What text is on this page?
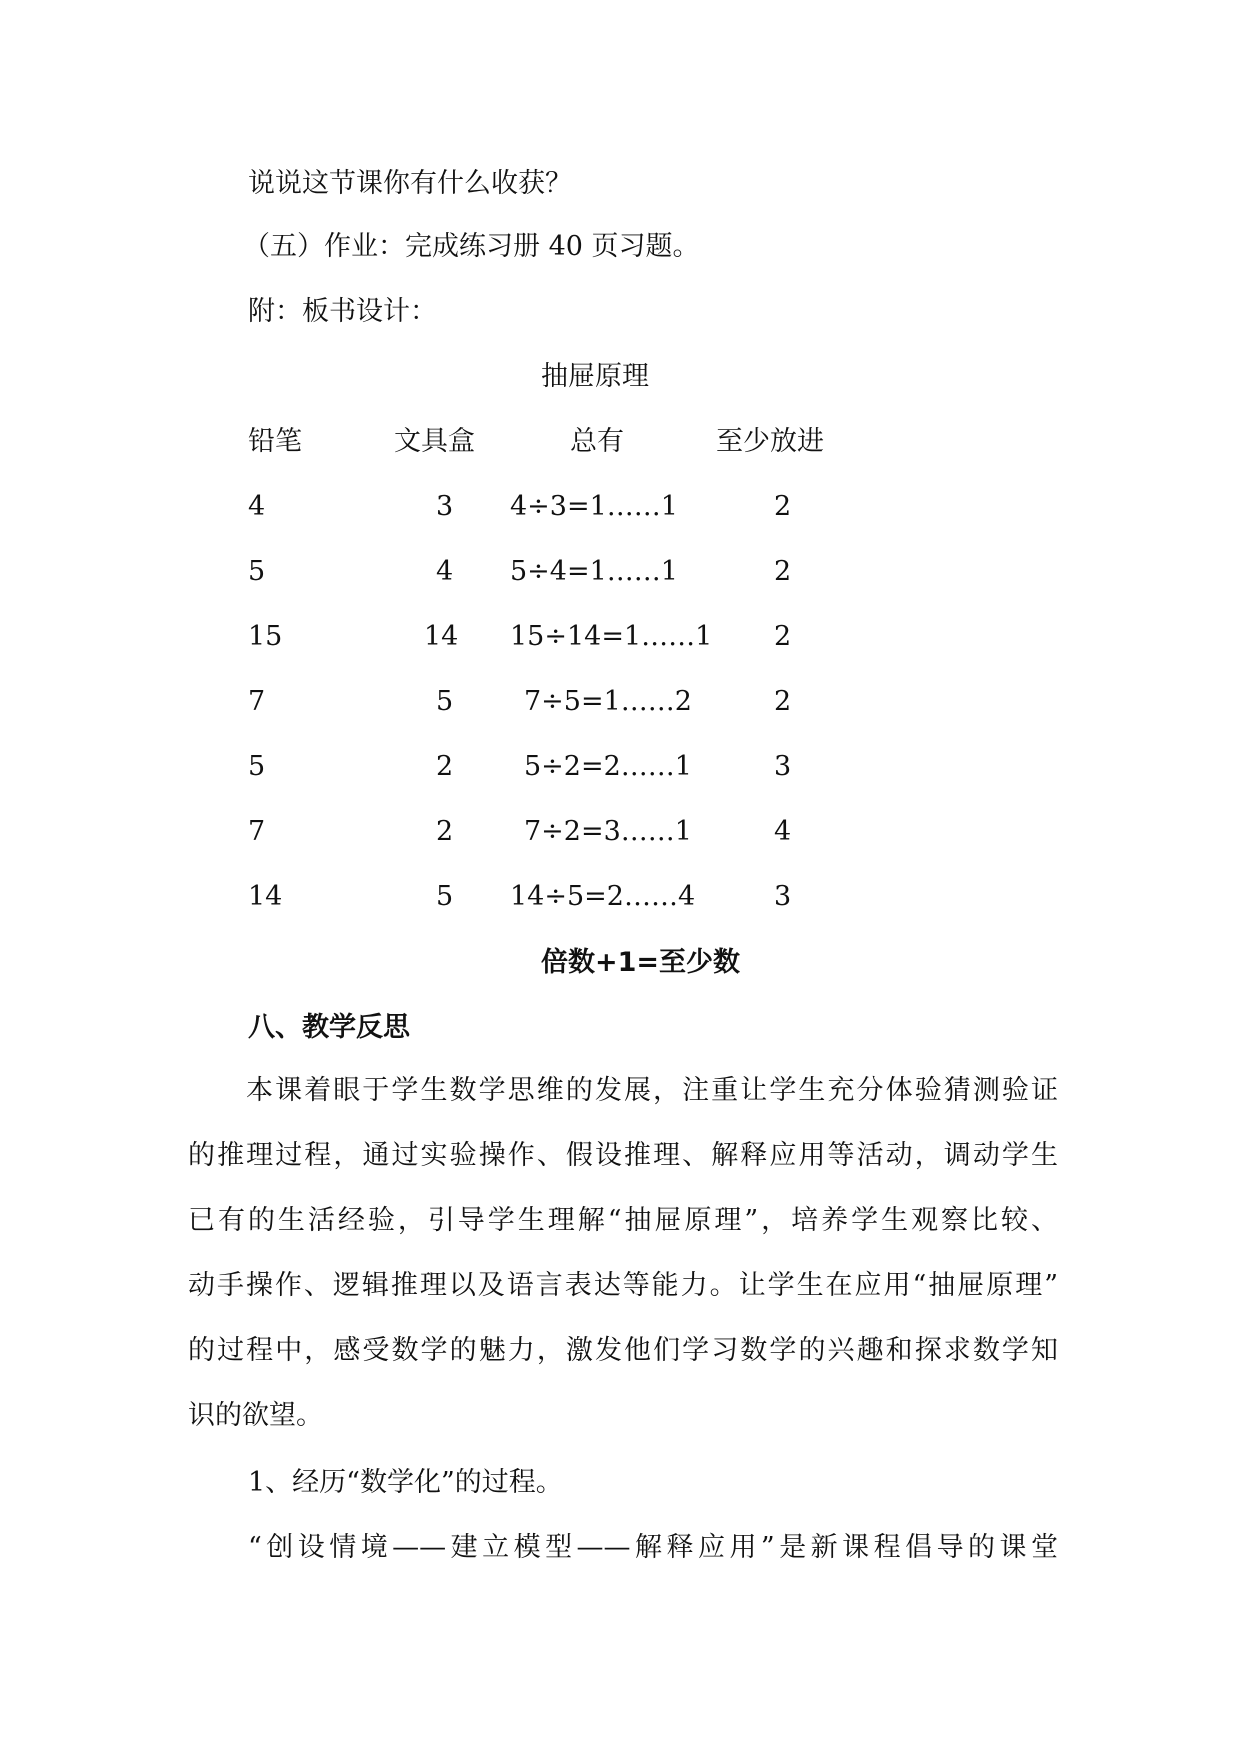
说说这节课你有什么收获？
（五）作业：完成练习册 40 页习题。
附：板书设计：
抽屉原理
铅笔	文具盒	总有	至少放进
4	3 4÷3=1……1	2
5	4 5÷4=1……1	2
15	14 15÷14=1……1 2
7	5	7÷5=1……2	2
5	2	5÷2=2……1	3
7	2	7÷2=3……1	4
14	5 14÷5=2……4	3
倍数+1=至少数
八、教学反思
本课着眼于学生数学思维的发展，注重让学生充分体验猜测验证
的推理过程，通过实验操作、假设推理、解释应用等活动，调动学生
已有的生活经验，引导学生理解“抽屉原理”，培养学生观察比较、
动手操作、逻辑推理以及语言表达等能力。让学生在应用“抽屉原理”
的过程中，感受数学的魅力，激发他们学习数学的兴趣和探求数学知
识的欲望。
1、经历“数学化”的过程。
“创设情境——建立模型——解释应用”是新课程倡导的课堂
